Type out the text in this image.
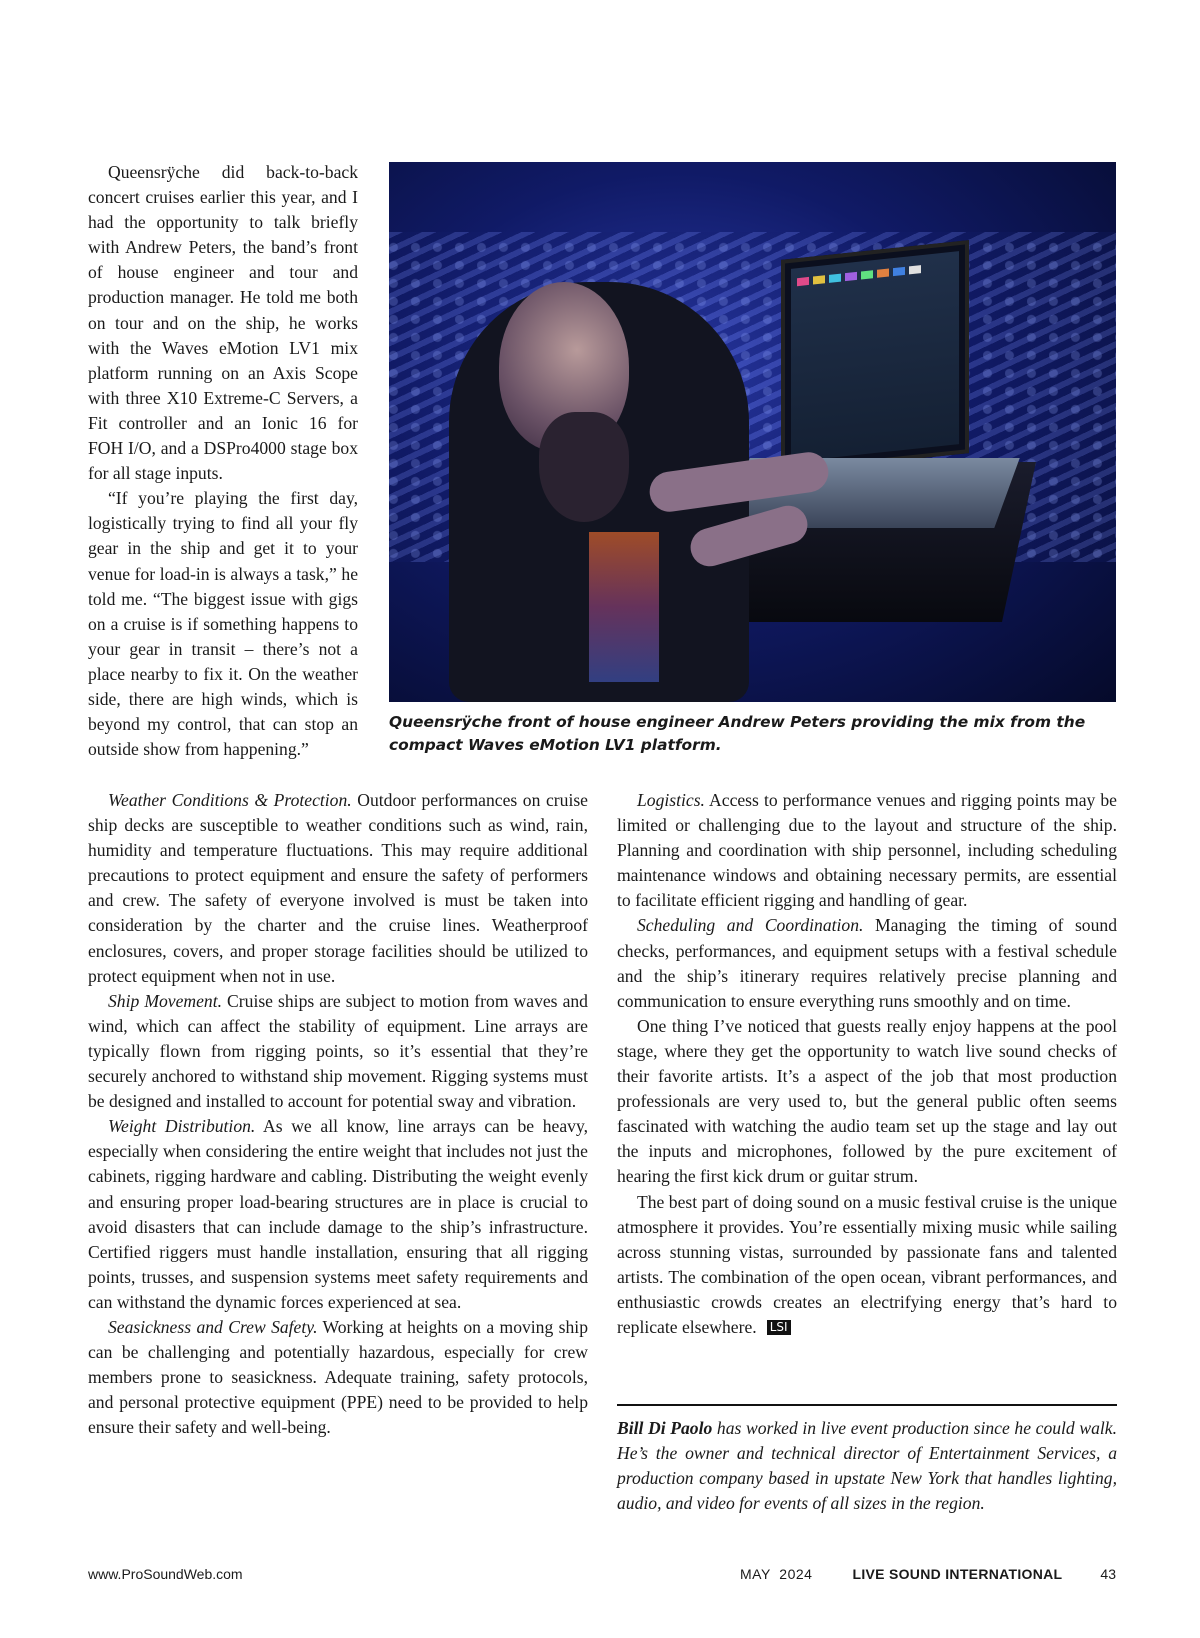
Queensrÿche did back-to-back concert cruises earlier this year, and I had the opportunity to talk briefly with Andrew Peters, the band’s front of house engineer and tour and production manager. He told me both on tour and on the ship, he works with the Waves eMotion LV1 mix platform running on an Axis Scope with three X10 Extreme-C Servers, a Fit controller and an Ionic 16 for FOH I/O, and a DSPro4000 stage box for all stage inputs.

“If you’re playing the first day, logistically trying to find all your fly gear in the ship and get it to your venue for load-in is always a task,” he told me. “The biggest issue with gigs on a cruise is if something happens to your gear in transit – there’s not a place nearby to fix it. On the weather side, there are high winds, which is beyond my control, that can stop an outside show from happening.”

Queensrÿche front of house engineer Andrew Peters providing the mix from the compact Waves eMotion LV1 platform.

Weather Conditions & Protection. Outdoor performances on cruise ship decks are susceptible to weather conditions such as wind, rain, humidity and temperature fluctuations. This may require additional precautions to protect equipment and ensure the safety of performers and crew. The safety of everyone involved is must be taken into consideration by the charter and the cruise lines. Weatherproof enclosures, covers, and proper storage facilities should be utilized to protect equipment when not in use.

Ship Movement. Cruise ships are subject to motion from waves and wind, which can affect the stability of equipment. Line arrays are typically flown from rigging points, so it’s essential that they’re securely anchored to withstand ship movement. Rigging systems must be designed and installed to account for potential sway and vibration.

Weight Distribution. As we all know, line arrays can be heavy, especially when considering the entire weight that includes not just the cabinets, rigging hardware and cabling. Distributing the weight evenly and ensuring proper load-bearing structures are in place is crucial to avoid disasters that can include damage to the ship’s infrastructure. Certified riggers must handle installation, ensuring that all rigging points, trusses, and suspension systems meet safety requirements and can withstand the dynamic forces experienced at sea.

Seasickness and Crew Safety. Working at heights on a moving ship can be challenging and potentially hazardous, especially for crew members prone to seasickness. Adequate training, safety protocols, and personal protective equipment (PPE) need to be provided to help ensure their safety and well-being.

Logistics. Access to performance venues and rigging points may be limited or challenging due to the layout and structure of the ship. Planning and coordination with ship personnel, including scheduling maintenance windows and obtaining necessary permits, are essential to facilitate efficient rigging and handling of gear.

Scheduling and Coordination. Managing the timing of sound checks, performances, and equipment setups with a festival schedule and the ship’s itinerary requires relatively precise planning and communication to ensure everything runs smoothly and on time.

One thing I’ve noticed that guests really enjoy happens at the pool stage, where they get the opportunity to watch live sound checks of their favorite artists. It’s a aspect of the job that most production professionals are very used to, but the general public often seems fascinated with watching the audio team set up the stage and lay out the inputs and microphones, followed by the pure excitement of hearing the first kick drum or guitar strum.

The best part of doing sound on a music festival cruise is the unique atmosphere it provides. You’re essentially mixing music while sailing across stunning vistas, surrounded by passionate fans and talented artists. The combination of the open ocean, vibrant performances, and enthusiastic crowds creates an electrifying energy that’s hard to replicate elsewhere. LSI

Bill Di Paolo has worked in live event production since he could walk. He’s the owner and technical director of Entertainment Services, a production company based in upstate New York that handles lighting, audio, and video for events of all sizes in the region.
www.ProSoundWeb.com	MAY  2024	LIVE SOUND INTERNATIONAL	43
